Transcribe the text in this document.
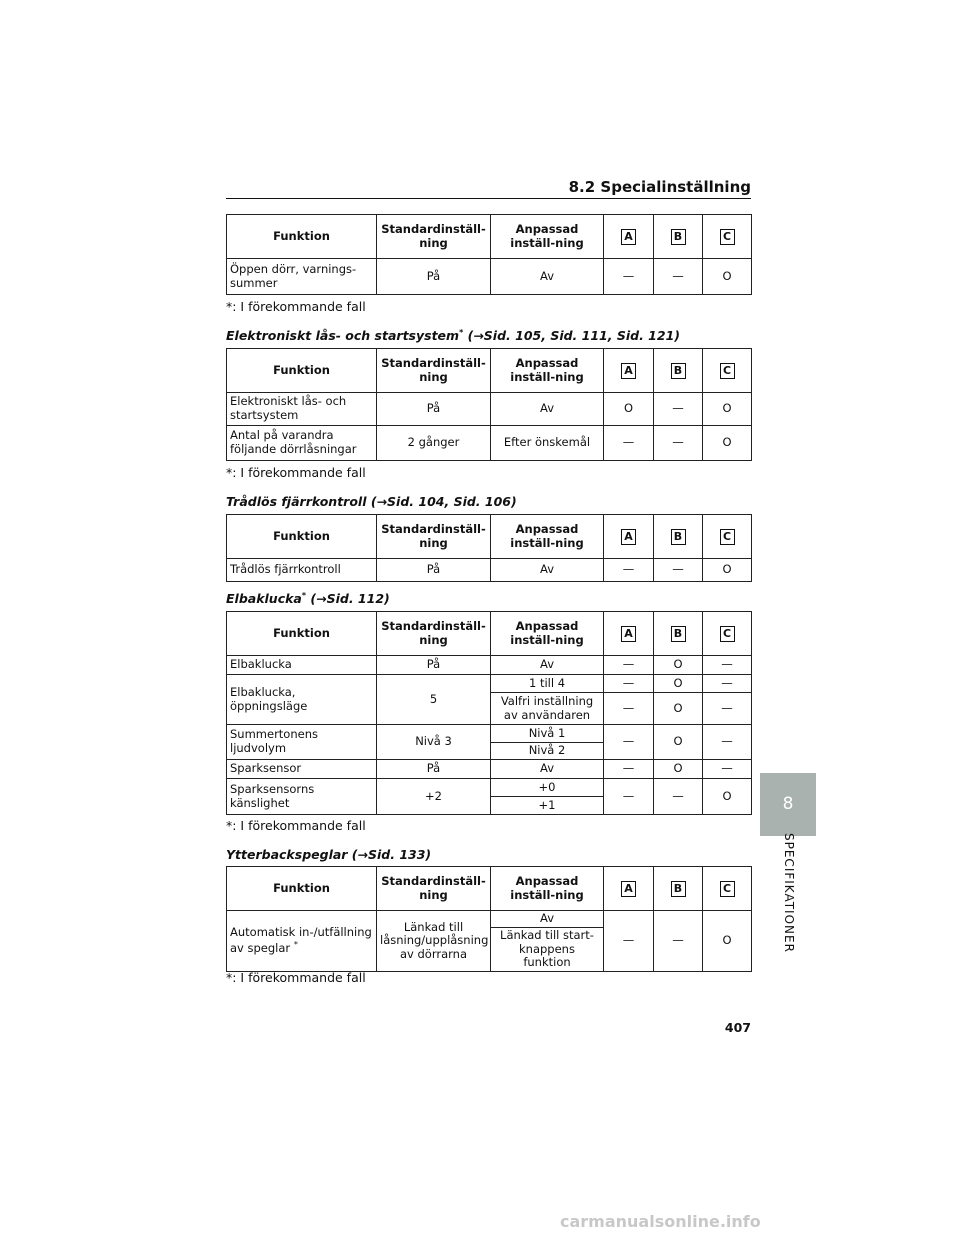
8.2 Specialinställning
Funktion	Standardinställ-ning	Anpassad inställ-ning	A	B	C
Öppen dörr, varnings-summer	På	Av	—	—	O
*: I förekommande fall
Elektroniskt lås- och startsystem* (→Sid. 105, Sid. 111, Sid. 121)
Funktion	Standardinställ-ning	Anpassad inställ-ning	A	B	C
Elektroniskt lås- och startsystem	På	Av	O	—	O
Antal på varandra följande dörrlåsningar	2 gånger	Efter önskemål	—	—	O
*: I förekommande fall
Trådlös fjärrkontroll (→Sid. 104, Sid. 106)
Funktion	Standardinställ-ning	Anpassad inställ-ning	A	B	C
Trådlös fjärrkontroll	På	Av	—	—	O
Elbaklucka* (→Sid. 112)
Funktion	Standardinställ-ning	Anpassad inställ-ning	A	B	C
Elbaklucka	På	Av	—	O	—
Elbaklucka, öppningsläge	5	1 till 4	—	O	—
		Valfri inställning av användaren	—	O	—
Summertonens ljudvolym	Nivå 3	Nivå 1	—	O	—
		Nivå 2			
Sparksensor	På	Av	—	O	—
Sparksensorns känslighet	+2	+0	—	—	O
		+1			
*: I förekommande fall
Ytterbackspeglar (→Sid. 133)
Funktion	Standardinställ-ning	Anpassad inställ-ning	A	B	C
Automatisk in-/utfällning av speglar *	Länkad till låsning/upplåsning av dörrarna	Av	—	—	O
		Länkad till start-knappens funktion			
*: I förekommande fall
8
SPECIFIKATIONER
407
carmanualsonline.info
